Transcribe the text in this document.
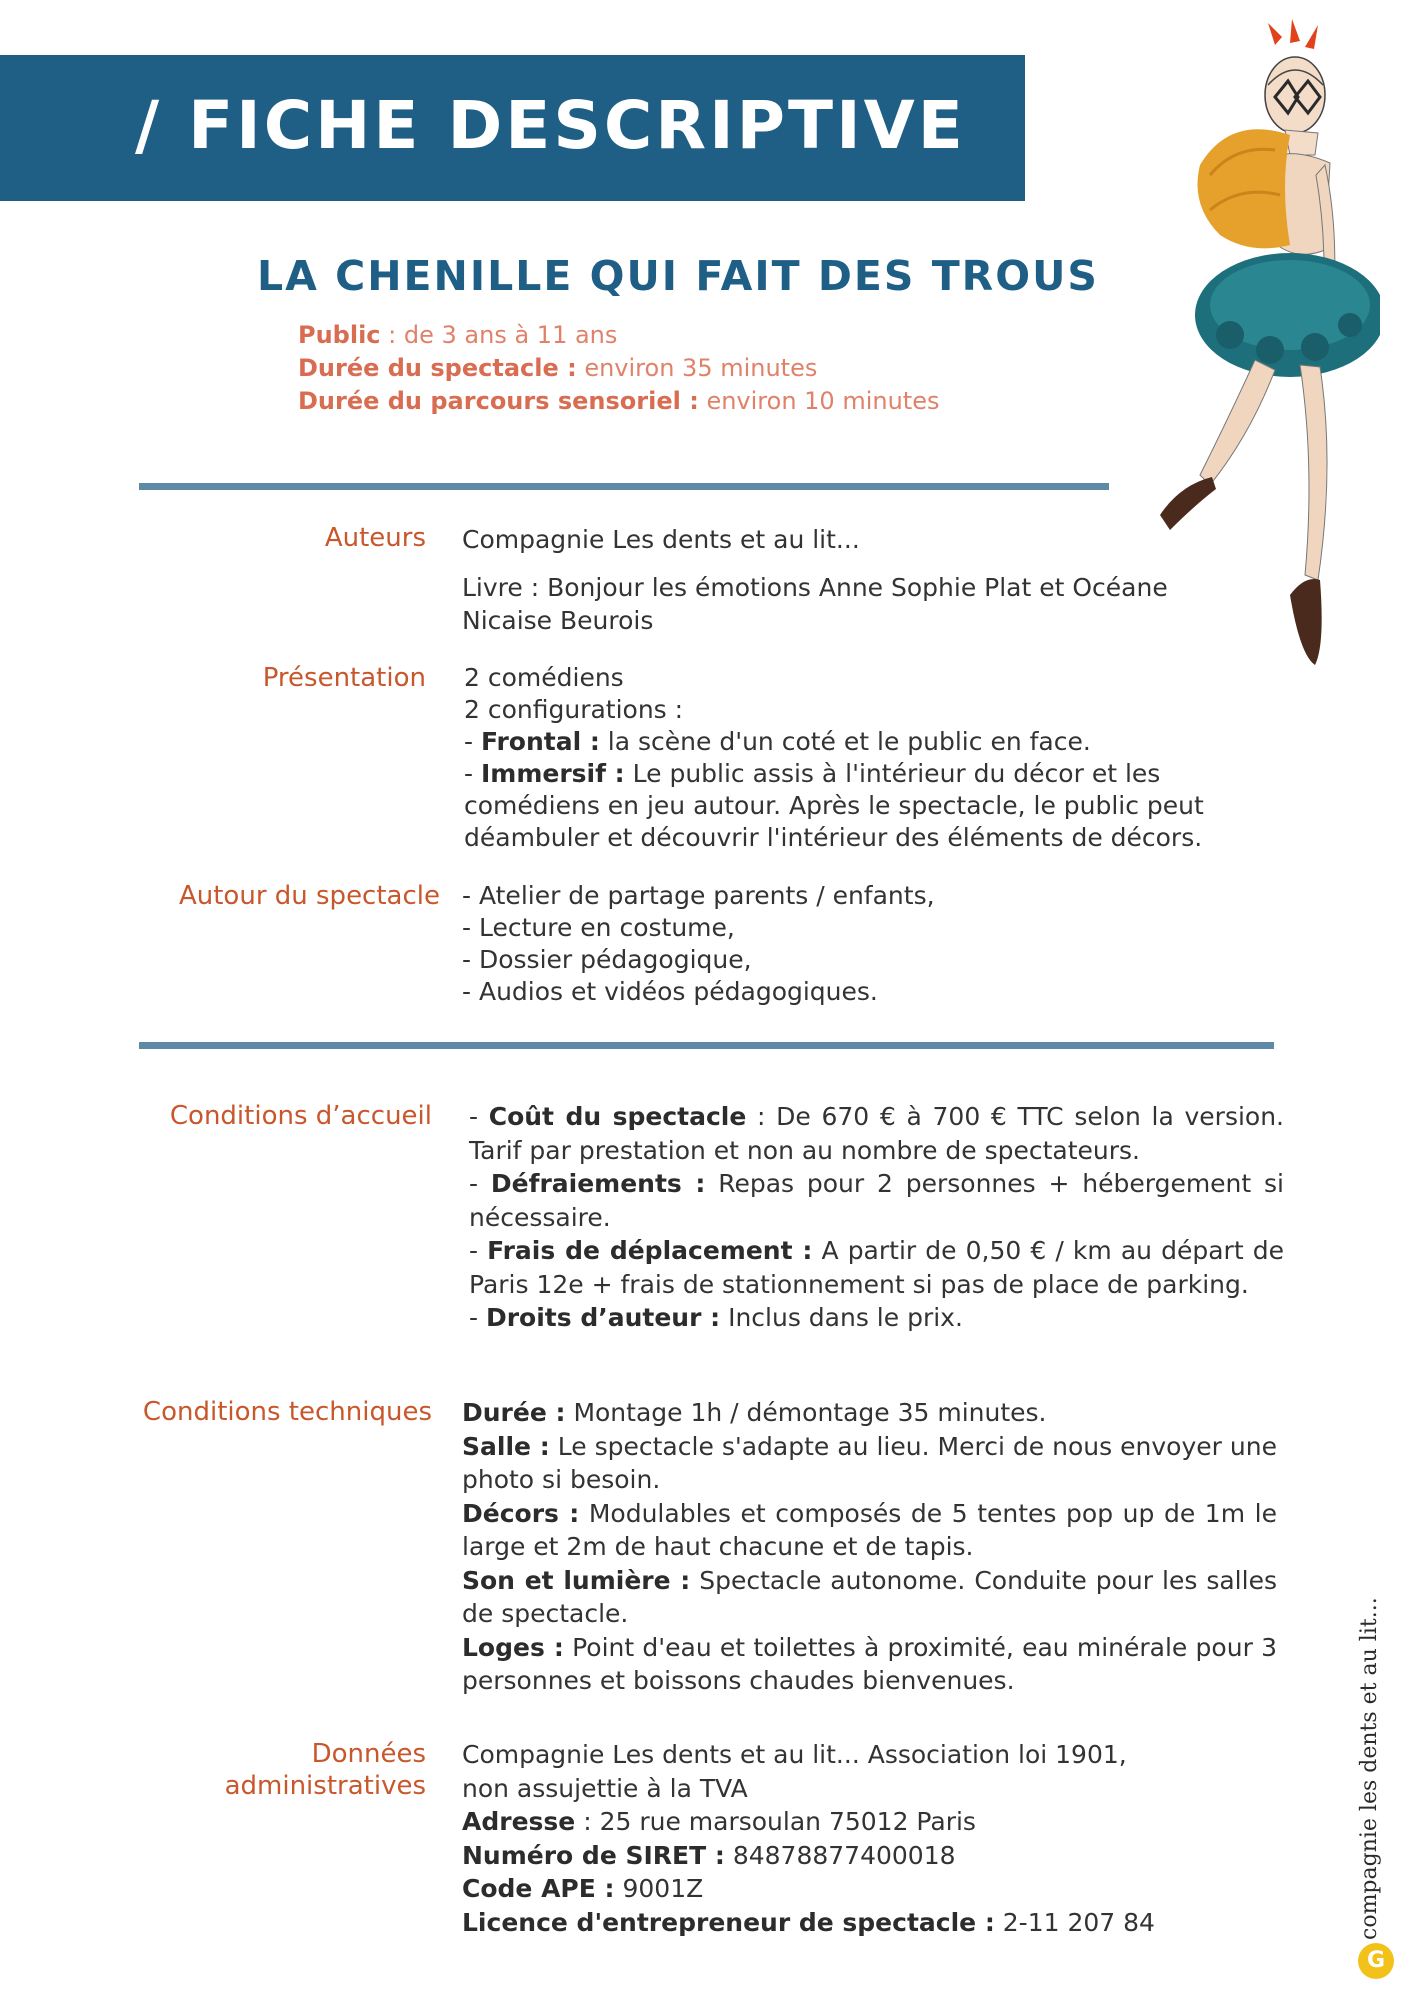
/ FICHE DESCRIPTIVE
LA CHENILLE QUI FAIT DES TROUS
Public : de 3 ans à 11 ans
Durée du spectacle : environ 35 minutes
Durée du parcours sensoriel : environ 10 minutes
Auteurs Compagnie Les dents et au lit...

Livre : Bonjour les émotions Anne Sophie Plat et Océane Nicaise Beurois

Présentation 2 comédiens

2 configurations :

- Frontal : la scène d'un coté et le public en face.

- Immersif : Le public assis à l'intérieur du décor et les comédiens en jeu autour. Après le spectacle, le public peut déambuler et découvrir l'intérieur des éléments de décors.

Autour du spectacle - Atelier de partage parents / enfants,

- Lecture en costume,

- Dossier pédagogique,

- Audios et vidéos pédagogiques.

Conditions d’accueil - Coût du spectacle : De 670 € à 700 € TTC selon la version. Tarif par prestation et non au nombre de spectateurs.

- Défraiements : Repas pour 2 personnes + hébergement si nécessaire.

- Frais de déplacement : A partir de 0,50 € / km au départ de Paris 12e + frais de stationnement si pas de place de parking.

- Droits d’auteur : Inclus dans le prix.

Conditions techniques Durée : Montage 1h / démontage 35 minutes.

Salle : Le spectacle s'adapte au lieu. Merci de nous envoyer une photo si besoin.

Décors : Modulables et composés de 5 tentes pop up de 1m le large et 2m de haut chacune et de tapis.

Son et lumière : Spectacle autonome. Conduite pour les salles de spectacle.

Loges : Point d'eau et toilettes à proximité, eau minérale pour 3 personnes et boissons chaudes bienvenues.

Données
administratives

Compagnie Les dents et au lit... Association loi 1901,

non assujettie à la TVA

Adresse : 25 rue marsoulan 75012 Paris

Numéro de SIRET : 84878877400018

Code APE : 9001Z

Licence d'entrepreneur de spectacle : 2-11 207 84	compagnie les dents et au lit...
G
